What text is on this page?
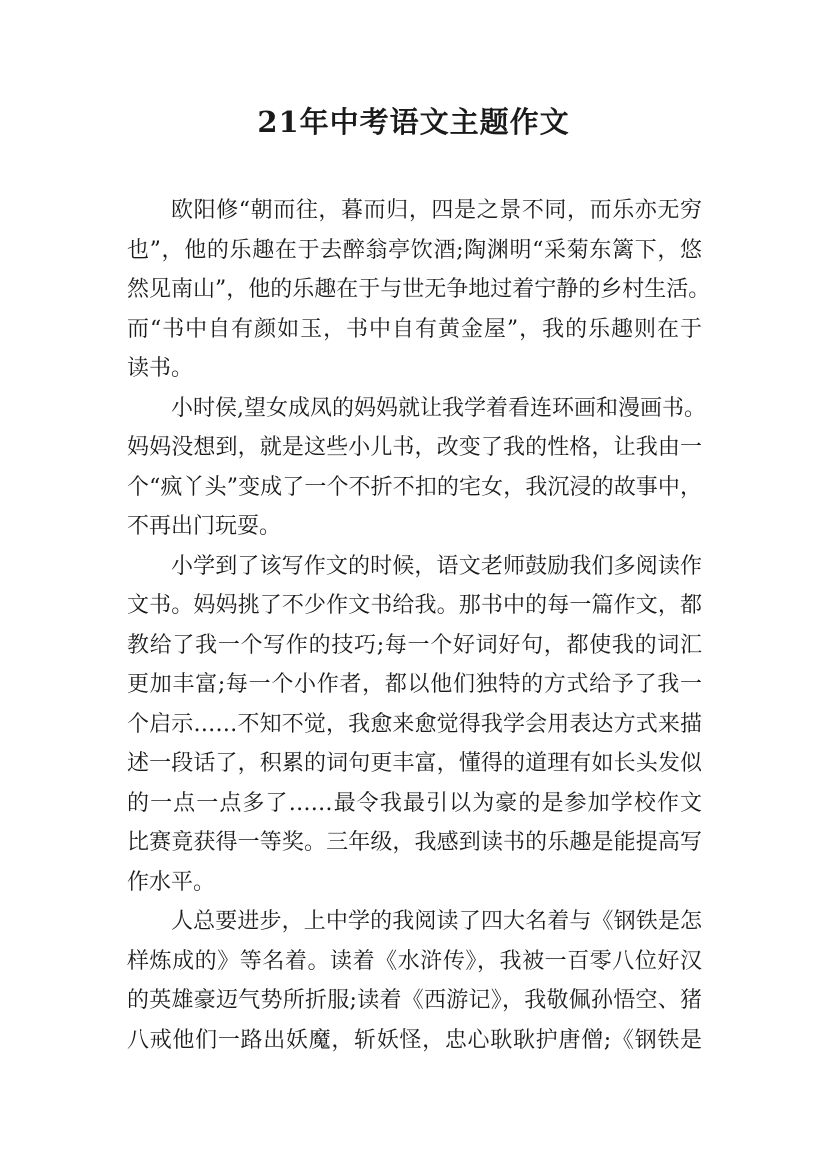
21年中考语文主题作文
欧阳修“朝而往，暮而归，四是之景不同，而乐亦无穷
也”，他的乐趣在于去醉翁亭饮酒;陶渊明“采菊东篱下，悠
然见南山”，他的乐趣在于与世无争地过着宁静的乡村生活。
而“书中自有颜如玉，书中自有黄金屋”，我的乐趣则在于
读书。
小时侯,望女成凤的妈妈就让我学着看连环画和漫画书。
妈妈没想到，就是这些小儿书，改变了我的性格，让我由一
个“疯丫头”变成了一个不折不扣的宅女，我沉浸的故事中，
不再出门玩耍。
小学到了该写作文的时候，语文老师鼓励我们多阅读作
文书。妈妈挑了不少作文书给我。那书中的每一篇作文，都
教给了我一个写作的技巧;每一个好词好句，都使我的词汇
更加丰富;每一个小作者，都以他们独特的方式给予了我一
个启示……不知不觉，我愈来愈觉得我学会用表达方式来描
述一段话了，积累的词句更丰富，懂得的道理有如长头发似
的一点一点多了……最令我最引以为豪的是参加学校作文
比赛竟获得一等奖。三年级，我感到读书的乐趣是能提高写
作水平。
人总要进步，上中学的我阅读了四大名着与《钢铁是怎
样炼成的》等名着。读着《水浒传》，我被一百零八位好汉
的英雄豪迈气势所折服;读着《西游记》，我敬佩孙悟空、猪
八戒他们一路出妖魔，斩妖怪，忠心耿耿护唐僧;《钢铁是
